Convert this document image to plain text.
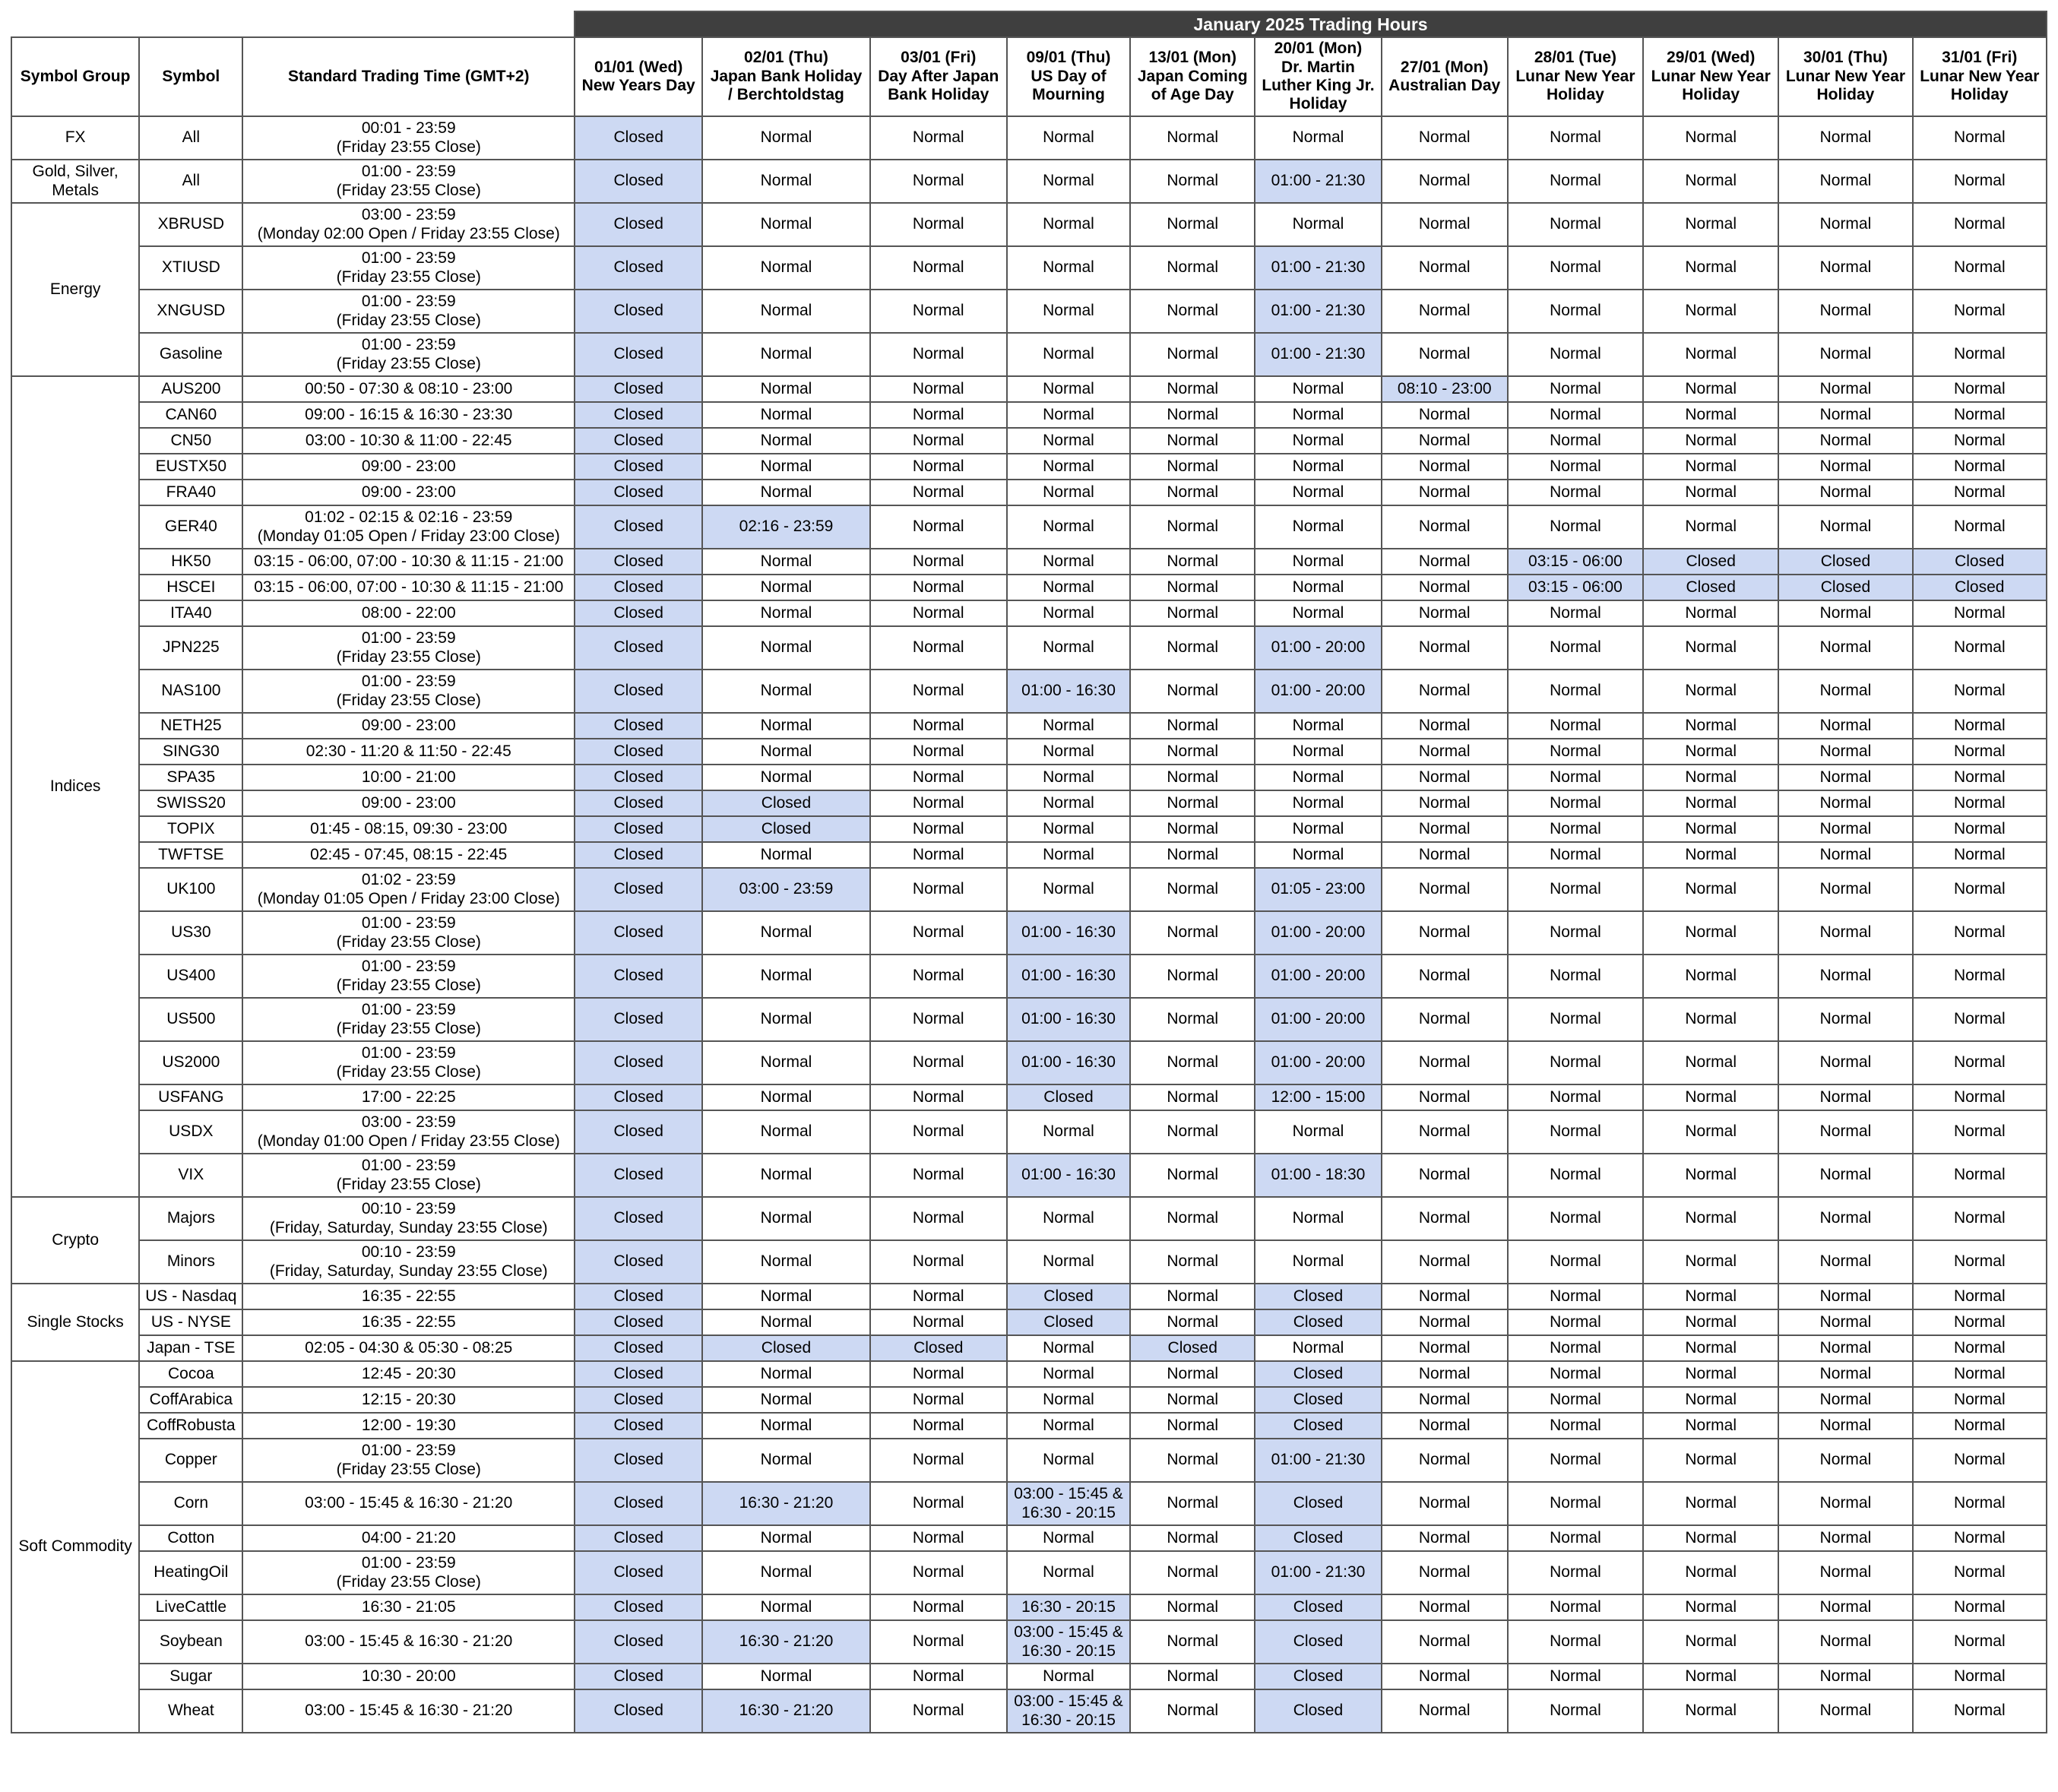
			January 2025 Trading Hours										
Symbol Group	Symbol	Standard Trading Time (GMT+2)	01/01 (Wed)
New Years Day	02/01 (Thu)
Japan Bank Holiday
/ Berchtoldstag	03/01 (Fri)
Day After Japan
Bank Holiday	09/01 (Thu)
US Day of
Mourning	13/01 (Mon)
Japan Coming
of Age Day	20/01 (Mon)
Dr. Martin
Luther King Jr.
Holiday	27/01 (Mon)
Australian Day	28/01 (Tue)
Lunar New Year
Holiday	29/01 (Wed)
Lunar New Year
Holiday	30/01 (Thu)
Lunar New Year
Holiday	31/01 (Fri)
Lunar New Year
Holiday
FX	All	00:01 - 23:59
(Friday 23:55 Close)	Closed	Normal	Normal	Normal	Normal	Normal	Normal	Normal	Normal	Normal	Normal
Gold, Silver,
Metals	All	01:00 - 23:59
(Friday 23:55 Close)	Closed	Normal	Normal	Normal	Normal	01:00 - 21:30	Normal	Normal	Normal	Normal	Normal
Energy	XBRUSD	03:00 - 23:59
(Monday 02:00 Open / Friday 23:55 Close)	Closed	Normal	Normal	Normal	Normal	Normal	Normal	Normal	Normal	Normal	Normal
	XTIUSD	01:00 - 23:59
(Friday 23:55 Close)	Closed	Normal	Normal	Normal	Normal	01:00 - 21:30	Normal	Normal	Normal	Normal	Normal
	XNGUSD	01:00 - 23:59
(Friday 23:55 Close)	Closed	Normal	Normal	Normal	Normal	01:00 - 21:30	Normal	Normal	Normal	Normal	Normal
	Gasoline	01:00 - 23:59
(Friday 23:55 Close)	Closed	Normal	Normal	Normal	Normal	01:00 - 21:30	Normal	Normal	Normal	Normal	Normal
Indices	AUS200	00:50 - 07:30 & 08:10 - 23:00	Closed	Normal	Normal	Normal	Normal	Normal	08:10 - 23:00	Normal	Normal	Normal	Normal
	CAN60	09:00 - 16:15 & 16:30 - 23:30	Closed	Normal	Normal	Normal	Normal	Normal	Normal	Normal	Normal	Normal	Normal
	CN50	03:00 - 10:30 & 11:00 - 22:45	Closed	Normal	Normal	Normal	Normal	Normal	Normal	Normal	Normal	Normal	Normal
	EUSTX50	09:00 - 23:00	Closed	Normal	Normal	Normal	Normal	Normal	Normal	Normal	Normal	Normal	Normal
	FRA40	09:00 - 23:00	Closed	Normal	Normal	Normal	Normal	Normal	Normal	Normal	Normal	Normal	Normal
	GER40	01:02 - 02:15 & 02:16 - 23:59
(Monday 01:05 Open / Friday 23:00 Close)	Closed	02:16 - 23:59	Normal	Normal	Normal	Normal	Normal	Normal	Normal	Normal	Normal
	HK50	03:15 - 06:00, 07:00 - 10:30 & 11:15 - 21:00	Closed	Normal	Normal	Normal	Normal	Normal	Normal	03:15 - 06:00	Closed	Closed	Closed
	HSCEI	03:15 - 06:00, 07:00 - 10:30 & 11:15 - 21:00	Closed	Normal	Normal	Normal	Normal	Normal	Normal	03:15 - 06:00	Closed	Closed	Closed
	ITA40	08:00 - 22:00	Closed	Normal	Normal	Normal	Normal	Normal	Normal	Normal	Normal	Normal	Normal
	JPN225	01:00 - 23:59
(Friday 23:55 Close)	Closed	Normal	Normal	Normal	Normal	01:00 - 20:00	Normal	Normal	Normal	Normal	Normal
	NAS100	01:00 - 23:59
(Friday 23:55 Close)	Closed	Normal	Normal	01:00 - 16:30	Normal	01:00 - 20:00	Normal	Normal	Normal	Normal	Normal
	NETH25	09:00 - 23:00	Closed	Normal	Normal	Normal	Normal	Normal	Normal	Normal	Normal	Normal	Normal
	SING30	02:30 - 11:20 & 11:50 - 22:45	Closed	Normal	Normal	Normal	Normal	Normal	Normal	Normal	Normal	Normal	Normal
	SPA35	10:00 - 21:00	Closed	Normal	Normal	Normal	Normal	Normal	Normal	Normal	Normal	Normal	Normal
	SWISS20	09:00 - 23:00	Closed	Closed	Normal	Normal	Normal	Normal	Normal	Normal	Normal	Normal	Normal
	TOPIX	01:45 - 08:15, 09:30 - 23:00	Closed	Closed	Normal	Normal	Normal	Normal	Normal	Normal	Normal	Normal	Normal
	TWFTSE	02:45 - 07:45, 08:15 - 22:45	Closed	Normal	Normal	Normal	Normal	Normal	Normal	Normal	Normal	Normal	Normal
	UK100	01:02 - 23:59
(Monday 01:05 Open / Friday 23:00 Close)	Closed	03:00 - 23:59	Normal	Normal	Normal	01:05 - 23:00	Normal	Normal	Normal	Normal	Normal
	US30	01:00 - 23:59
(Friday 23:55 Close)	Closed	Normal	Normal	01:00 - 16:30	Normal	01:00 - 20:00	Normal	Normal	Normal	Normal	Normal
	US400	01:00 - 23:59
(Friday 23:55 Close)	Closed	Normal	Normal	01:00 - 16:30	Normal	01:00 - 20:00	Normal	Normal	Normal	Normal	Normal
	US500	01:00 - 23:59
(Friday 23:55 Close)	Closed	Normal	Normal	01:00 - 16:30	Normal	01:00 - 20:00	Normal	Normal	Normal	Normal	Normal
	US2000	01:00 - 23:59
(Friday 23:55 Close)	Closed	Normal	Normal	01:00 - 16:30	Normal	01:00 - 20:00	Normal	Normal	Normal	Normal	Normal
	USFANG	17:00 - 22:25	Closed	Normal	Normal	Closed	Normal	12:00 - 15:00	Normal	Normal	Normal	Normal	Normal
	USDX	03:00 - 23:59
(Monday 01:00 Open / Friday 23:55 Close)	Closed	Normal	Normal	Normal	Normal	Normal	Normal	Normal	Normal	Normal	Normal
	VIX	01:00 - 23:59
(Friday 23:55 Close)	Closed	Normal	Normal	01:00 - 16:30	Normal	01:00 - 18:30	Normal	Normal	Normal	Normal	Normal
Crypto	Majors	00:10 - 23:59
(Friday, Saturday, Sunday 23:55 Close)	Closed	Normal	Normal	Normal	Normal	Normal	Normal	Normal	Normal	Normal	Normal
	Minors	00:10 - 23:59
(Friday, Saturday, Sunday 23:55 Close)	Closed	Normal	Normal	Normal	Normal	Normal	Normal	Normal	Normal	Normal	Normal
Single Stocks	US - Nasdaq	16:35 - 22:55	Closed	Normal	Normal	Closed	Normal	Closed	Normal	Normal	Normal	Normal	Normal
	US - NYSE	16:35 - 22:55	Closed	Normal	Normal	Closed	Normal	Closed	Normal	Normal	Normal	Normal	Normal
	Japan - TSE	02:05 - 04:30 & 05:30 - 08:25	Closed	Closed	Closed	Normal	Closed	Normal	Normal	Normal	Normal	Normal	Normal
Soft Commodity	Cocoa	12:45 - 20:30	Closed	Normal	Normal	Normal	Normal	Closed	Normal	Normal	Normal	Normal	Normal
	CoffArabica	12:15 - 20:30	Closed	Normal	Normal	Normal	Normal	Closed	Normal	Normal	Normal	Normal	Normal
	CoffRobusta	12:00 - 19:30	Closed	Normal	Normal	Normal	Normal	Closed	Normal	Normal	Normal	Normal	Normal
	Copper	01:00 - 23:59
(Friday 23:55 Close)	Closed	Normal	Normal	Normal	Normal	01:00 - 21:30	Normal	Normal	Normal	Normal	Normal
	Corn	03:00 - 15:45 & 16:30 - 21:20	Closed	16:30 - 21:20	Normal	03:00 - 15:45 &
16:30 - 20:15	Normal	Closed	Normal	Normal	Normal	Normal	Normal
	Cotton	04:00 - 21:20	Closed	Normal	Normal	Normal	Normal	Closed	Normal	Normal	Normal	Normal	Normal
	HeatingOil	01:00 - 23:59
(Friday 23:55 Close)	Closed	Normal	Normal	Normal	Normal	01:00 - 21:30	Normal	Normal	Normal	Normal	Normal
	LiveCattle	16:30 - 21:05	Closed	Normal	Normal	16:30 - 20:15	Normal	Closed	Normal	Normal	Normal	Normal	Normal
	Soybean	03:00 - 15:45 & 16:30 - 21:20	Closed	16:30 - 21:20	Normal	03:00 - 15:45 &
16:30 - 20:15	Normal	Closed	Normal	Normal	Normal	Normal	Normal
	Sugar	10:30 - 20:00	Closed	Normal	Normal	Normal	Normal	Closed	Normal	Normal	Normal	Normal	Normal
	Wheat	03:00 - 15:45 & 16:30 - 21:20	Closed	16:30 - 21:20	Normal	03:00 - 15:45 &
16:30 - 20:15	Normal	Closed	Normal	Normal	Normal	Normal	Normal
